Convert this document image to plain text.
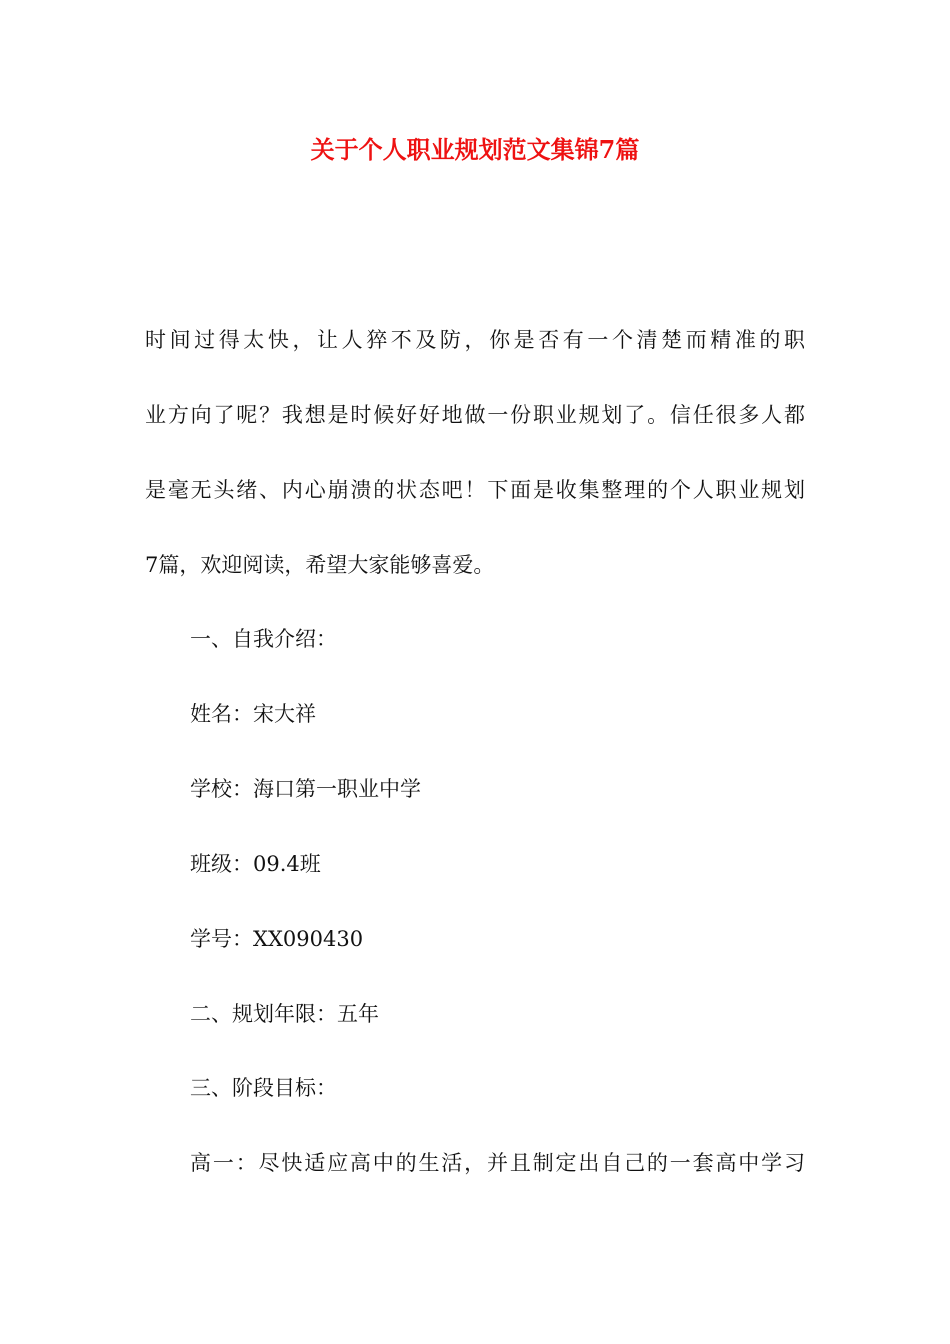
关于个人职业规划范文集锦7篇
时间过得太快，让人猝不及防，你是否有一个清楚而精准的职
业方向了呢？我想是时候好好地做一份职业规划了。信任很多人都
是毫无头绪、内心崩溃的状态吧！下面是收集整理的个人职业规划
7篇，欢迎阅读，希望大家能够喜爱。
一、自我介绍：
姓名：宋大祥
学校：海口第一职业中学
班级：09.4班
学号：XX090430
二、规划年限：五年
三、阶段目标：
高一：尽快适应高中的生活，并且制定出自己的一套高中学习
